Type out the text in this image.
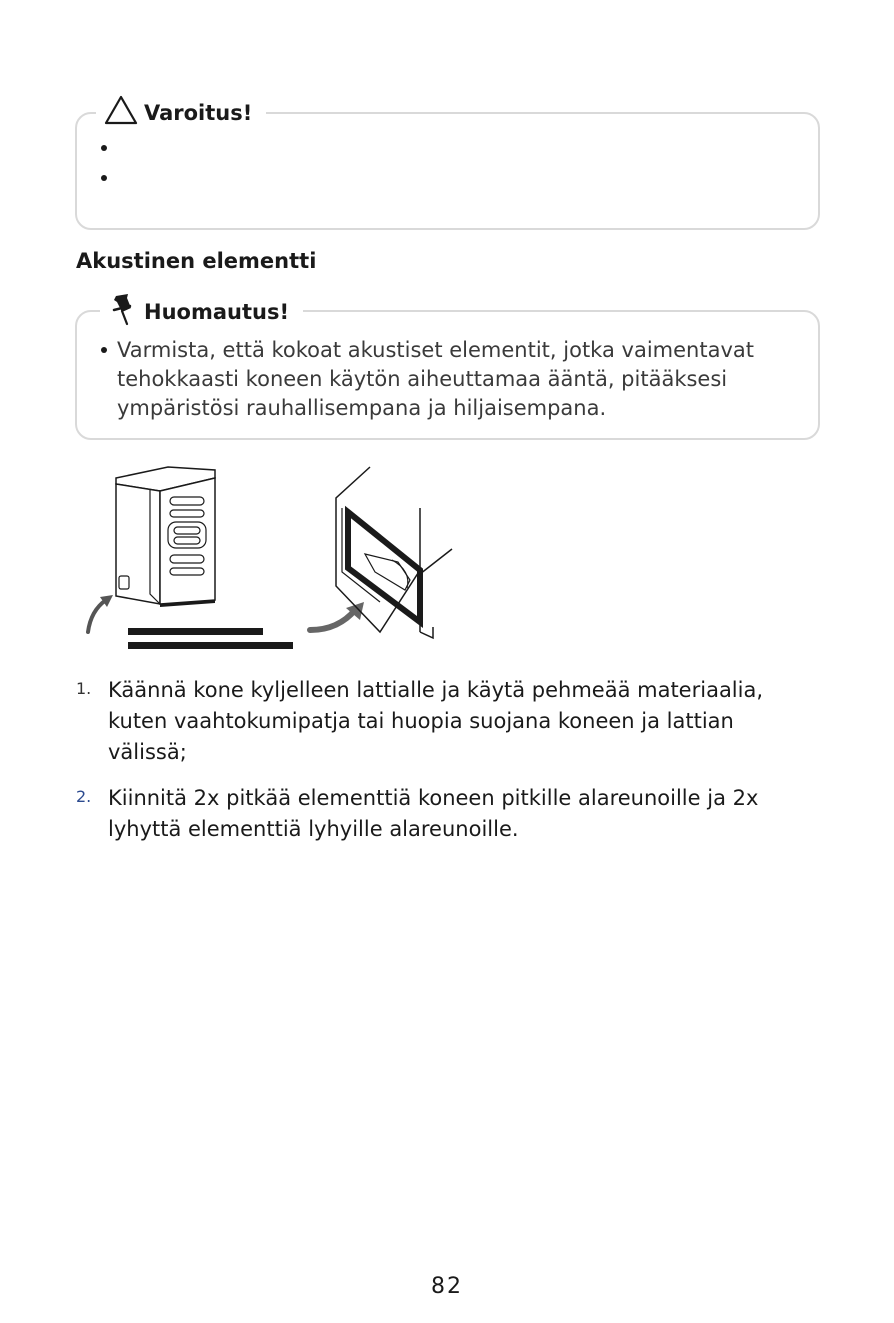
Varoitus!
Akustinen elementti
Varmista, että kokoat akustiset elementit, jotka vaimentavat
tehokkaasti koneen käytön aiheuttamaa ääntä, pitääksesi
ympäristösi rauhallisempana ja hiljaisempana.
Huomautus!
1. Käännä kone kyljelleen lattialle ja käytä pehmeää materiaalia,
kuten vaahtokumipatja tai huopia suojana koneen ja lattian
välissä;
2. Kiinnitä 2x pitkää elementtiä koneen pitkille alareunoille ja 2x
lyhyttä elementtiä lyhyille alareunoille.
82
